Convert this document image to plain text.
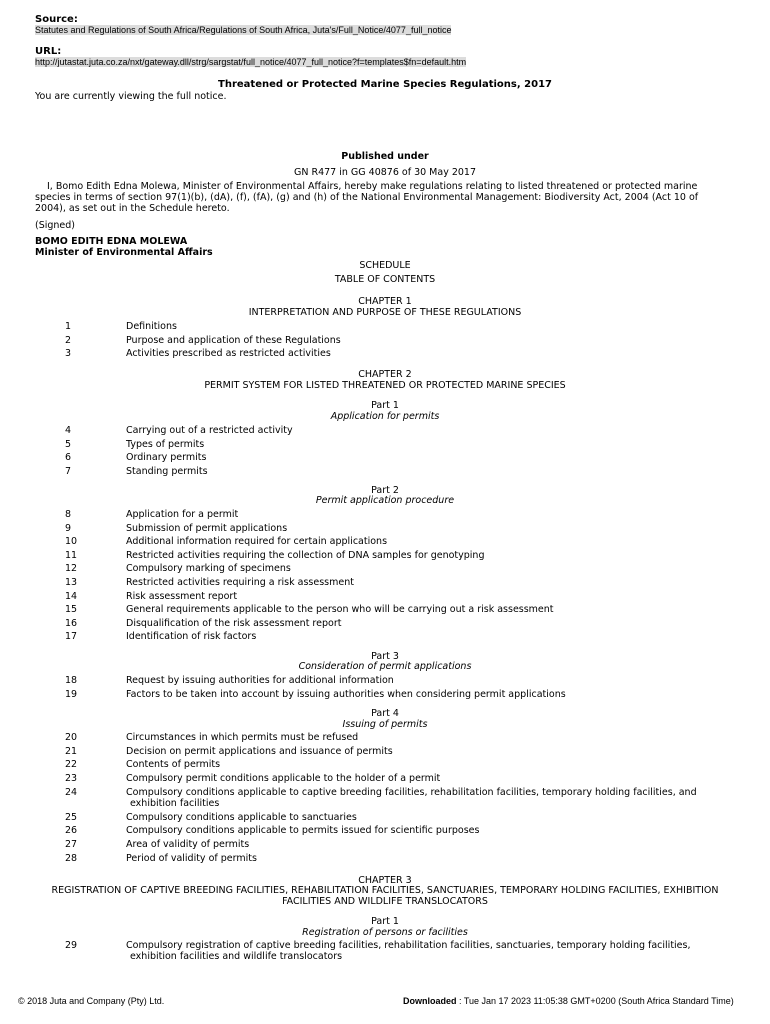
Source:
Statutes and Regulations of South Africa/Regulations of South Africa, Juta's/Full_Notice/4077_full_notice
URL:
http://jutastat.juta.co.za/nxt/gateway.dll/strg/sargstat/full_notice/4077_full_notice?f=templates$fn=default.htm
Threatened or Protected Marine Species Regulations, 2017
You are currently viewing the full notice.
Published under
GN R477 in GG 40876 of 30 May 2017
I, Bomo Edith Edna Molewa, Minister of Environmental Affairs, hereby make regulations relating to listed threatened or protected marine
species in terms of section 97(1)(b), (dA), (f), (fA), (g) and (h) of the National Environmental Management: Biodiversity Act, 2004 (Act 10 of
2004), as set out in the Schedule hereto.
(Signed)
BOMO EDITH EDNA MOLEWA
Minister of Environmental Affairs
SCHEDULE
TABLE OF CONTENTS
CHAPTER 1
INTERPRETATION AND PURPOSE OF THESE REGULATIONS
1	Definitions
2	Purpose and application of these Regulations
3	Activities prescribed as restricted activities
CHAPTER 2
PERMIT SYSTEM FOR LISTED THREATENED OR PROTECTED MARINE SPECIES
Part 1
Application for permits
4	Carrying out of a restricted activity
5	Types of permits
6	Ordinary permits
7	Standing permits
Part 2
Permit application procedure
8	Application for a permit
9	Submission of permit applications
10	Additional information required for certain applications
11	Restricted activities requiring the collection of DNA samples for genotyping
12	Compulsory marking of specimens
13	Restricted activities requiring a risk assessment
14	Risk assessment report
15	General requirements applicable to the person who will be carrying out a risk assessment
16	Disqualification of the risk assessment report
17	Identification of risk factors
Part 3
Consideration of permit applications
18	Request by issuing authorities for additional information
19	Factors to be taken into account by issuing authorities when considering permit applications
Part 4
Issuing of permits
20	Circumstances in which permits must be refused
21	Decision on permit applications and issuance of permits
22	Contents of permits
23	Compulsory permit conditions applicable to the holder of a permit
24	Compulsory conditions applicable to captive breeding facilities, rehabilitation facilities, temporary holding facilities, and
exhibition facilities
25	Compulsory conditions applicable to sanctuaries
26	Compulsory conditions applicable to permits issued for scientific purposes
27	Area of validity of permits
28	Period of validity of permits
CHAPTER 3
REGISTRATION OF CAPTIVE BREEDING FACILITIES, REHABILITATION FACILITIES, SANCTUARIES, TEMPORARY HOLDING FACILITIES, EXHIBITION
FACILITIES AND WILDLIFE TRANSLOCATORS
Part 1
Registration of persons or facilities
29	Compulsory registration of captive breeding facilities, rehabilitation facilities, sanctuaries, temporary holding facilities,
exhibition facilities and wildlife translocators
© 2018 Juta and Company (Pty) Ltd.	Downloaded : Tue Jan 17 2023 11:05:38 GMT+0200 (South Africa Standard Time)
